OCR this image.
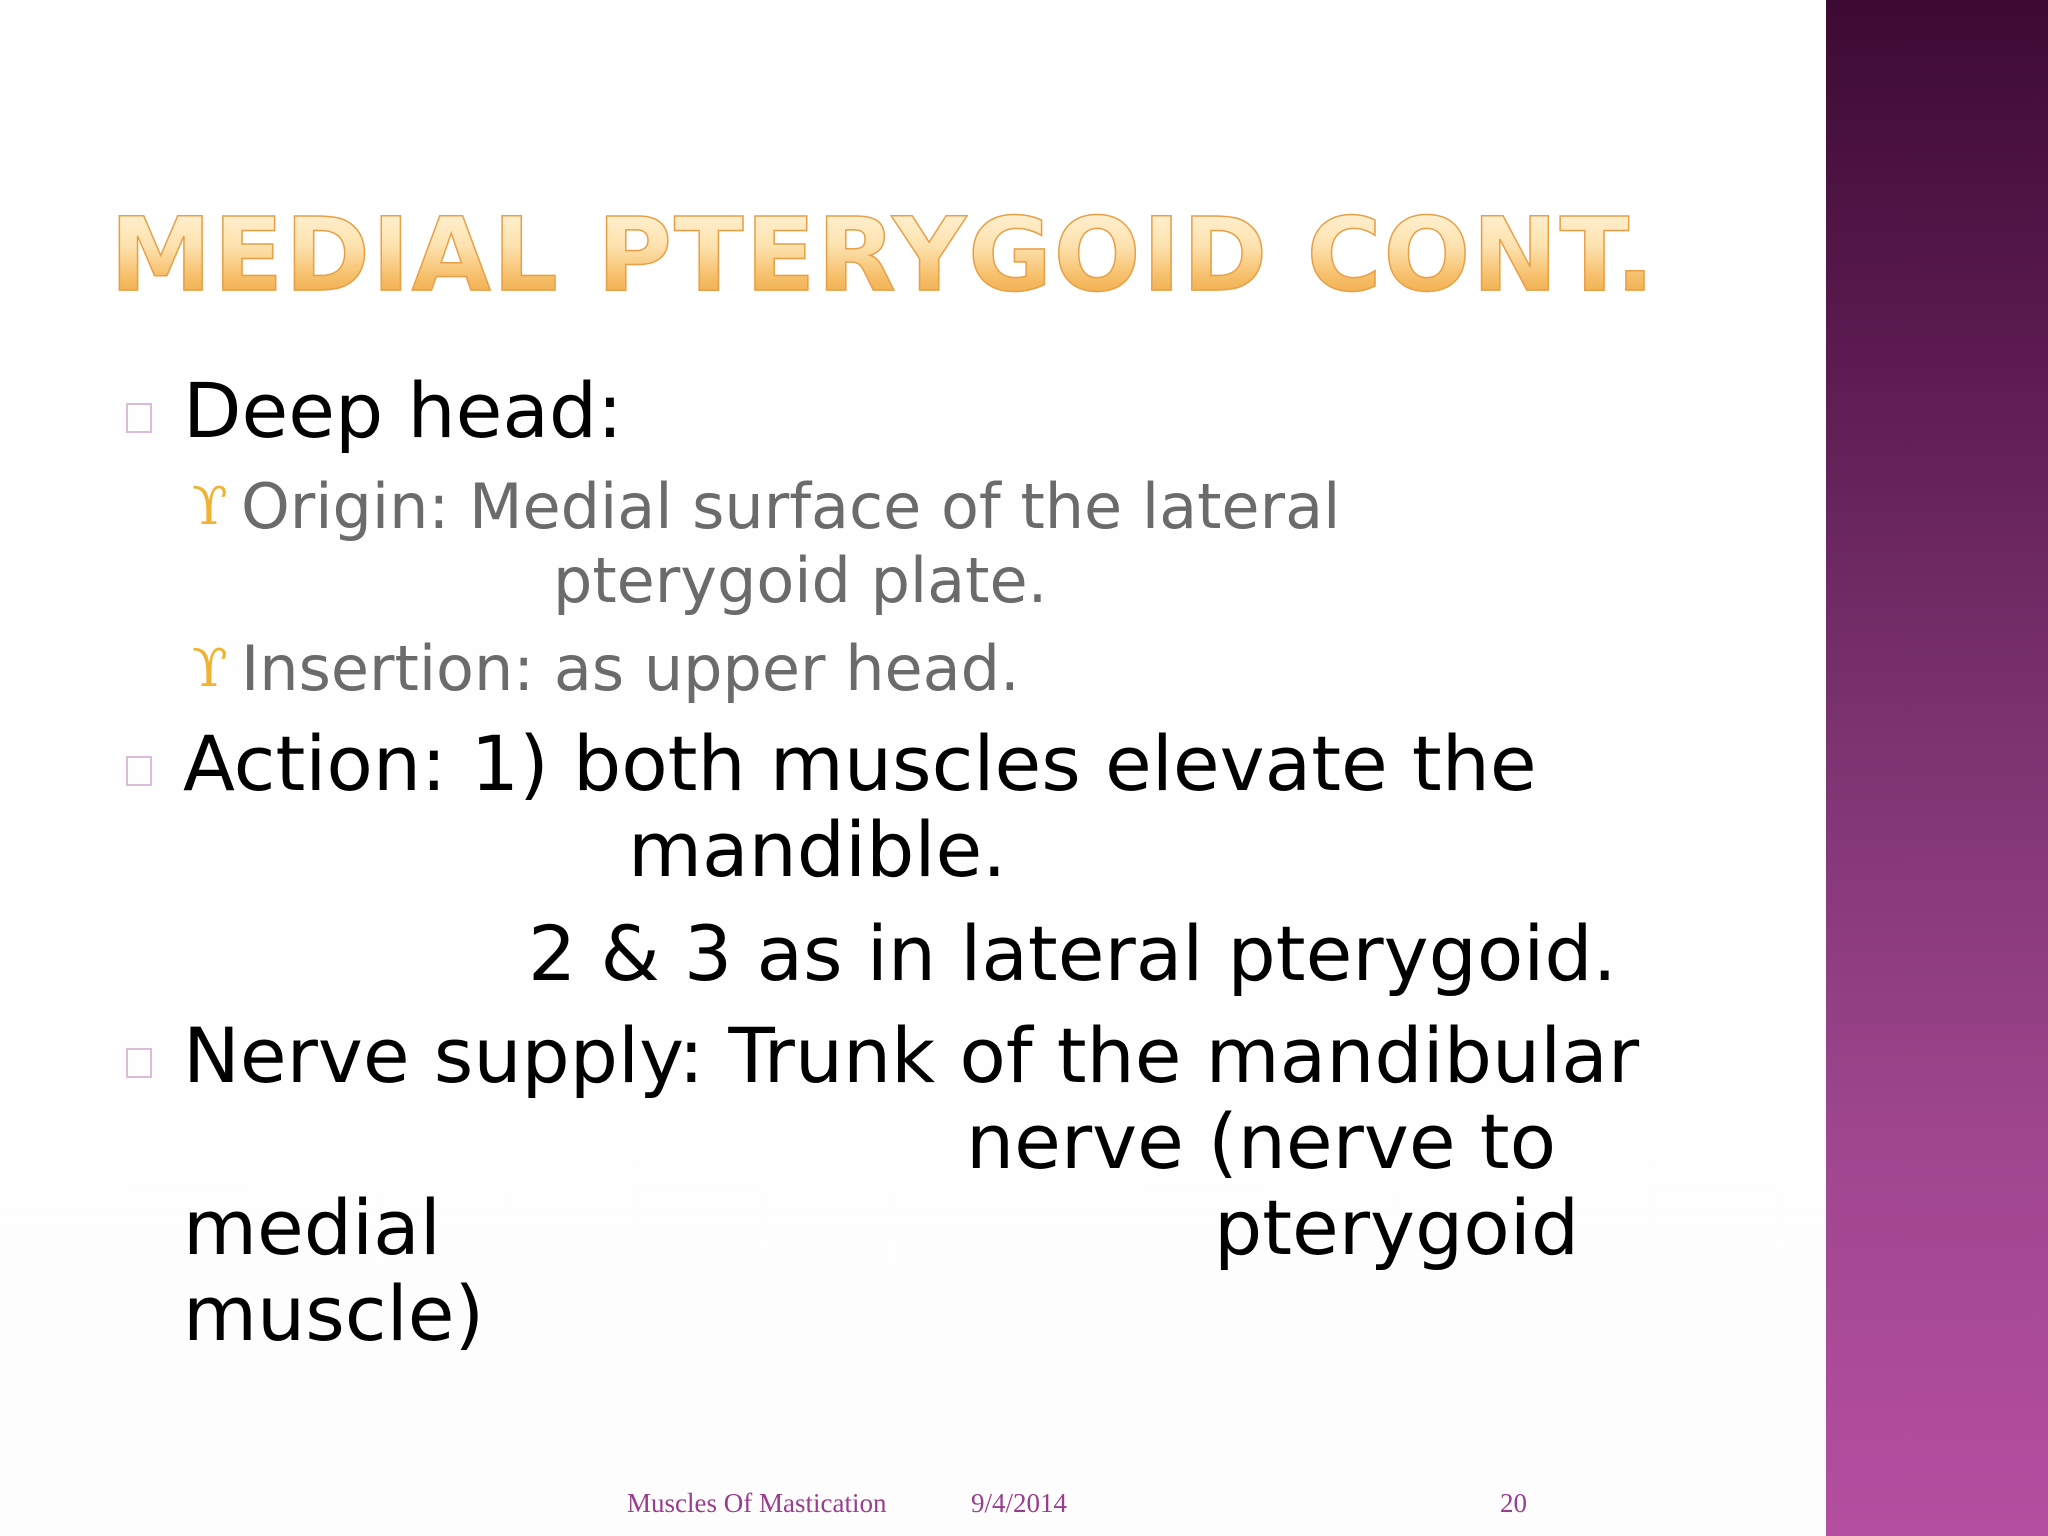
MEDIAL PTERYGOID CONT.
Deep head:
ϒ Origin: Medial surface of the lateral
pterygoid plate.
ϒ Insertion: as upper head.
Action: 1) both muscles elevate the
mandible.
2 & 3 as in lateral pterygoid.
Nerve supply: Trunk of the mandibular
nerve (nerve to
medial	pterygoid
muscle)
Muscles Of Mastication	9/4/2014	20
